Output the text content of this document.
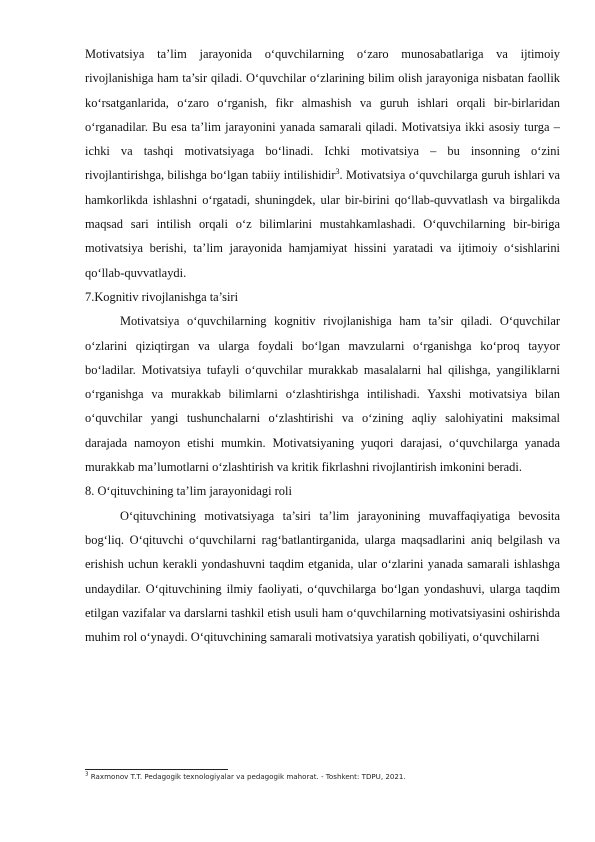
Motivatsiya ta’lim jarayonida o‘quvchilarning o‘zaro munosabatlariga va ijtimoiy rivojlanishiga ham ta’sir qiladi. O‘quvchilar o‘zlarining bilim olish jarayoniga nisbatan faollik ko‘rsatganlarida, o‘zaro o‘rganish, fikr almashish va guruh ishlari orqali bir-birlaridan o‘rganadilar. Bu esa ta’lim jarayonini yanada samarali qiladi. Motivatsiya ikki asosiy turga – ichki va tashqi motivatsiyaga bo‘linadi. Ichki motivatsiya – bu insonning o‘zini rivojlantirishga, bilishga bo‘lgan tabiiy intilishidir$^3$. Motivatsiya o‘quvchilarga guruh ishlari va hamkorlikda ishlashni o‘rgatadi, shuningdek, ular bir-birini qo‘llab-quvvatlash va birgalikda maqsad sari intilish orqali o‘z bilimlarini mustahkamlashadi. O‘quvchilarning bir-biriga motivatsiya berishi, ta’lim jarayonida hamjamiyat hissini yaratadi va ijtimoiy o‘sishlarini qo‘llab-quvvatlaydi.

7.Kognitiv rivojlanishga ta’siri

Motivatsiya o‘quvchilarning kognitiv rivojlanishiga ham ta’sir qiladi. O‘quvchilar o‘zlarini qiziqtirgan va ularga foydali bo‘lgan mavzularni o‘rganishga ko‘proq tayyor bo‘ladilar. Motivatsiya tufayli o‘quvchilar murakkab masalalarni hal qilishga, yangiliklarni o‘rganishga va murakkab bilimlarni o‘zlashtirishga intilishadi. Yaxshi motivatsiya bilan o‘quvchilar yangi tushunchalarni o‘zlashtirishi va o‘zining aqliy salohiyatini maksimal darajada namoyon etishi mumkin. Motivatsiyaning yuqori darajasi, o‘quvchilarga yanada murakkab ma’lumotlarni o‘zlashtirish va kritik fikrlashni rivojlantirish imkonini beradi.

8. O‘qituvchining ta’lim jarayonidagi roli

O‘qituvchining motivatsiyaga ta’siri ta’lim jarayonining muvaffaqiyatiga bevosita bog‘liq. O‘qituvchi o‘quvchilarni rag‘batlantirganida, ularga maqsadlarini aniq belgilash va erishish uchun kerakli yondashuvni taqdim etganida, ular o‘zlarini yanada samarali ishlashga undaydilar. O‘qituvchining ilmiy faoliyati, o‘quvchilarga bo‘lgan yondashuvi, ularga taqdim etilgan vazifalar va darslarni tashkil etish usuli ham o‘quvchilarning motivatsiyasini oshirishda muhim rol o‘ynaydi. O‘qituvchining samarali motivatsiya yaratish qobiliyati, o‘quvchilarni

$^3$ Raxmonov T.T. Pedagogik texnologiyalar va pedagogik mahorat. - Toshkent: TDPU, 2021.
